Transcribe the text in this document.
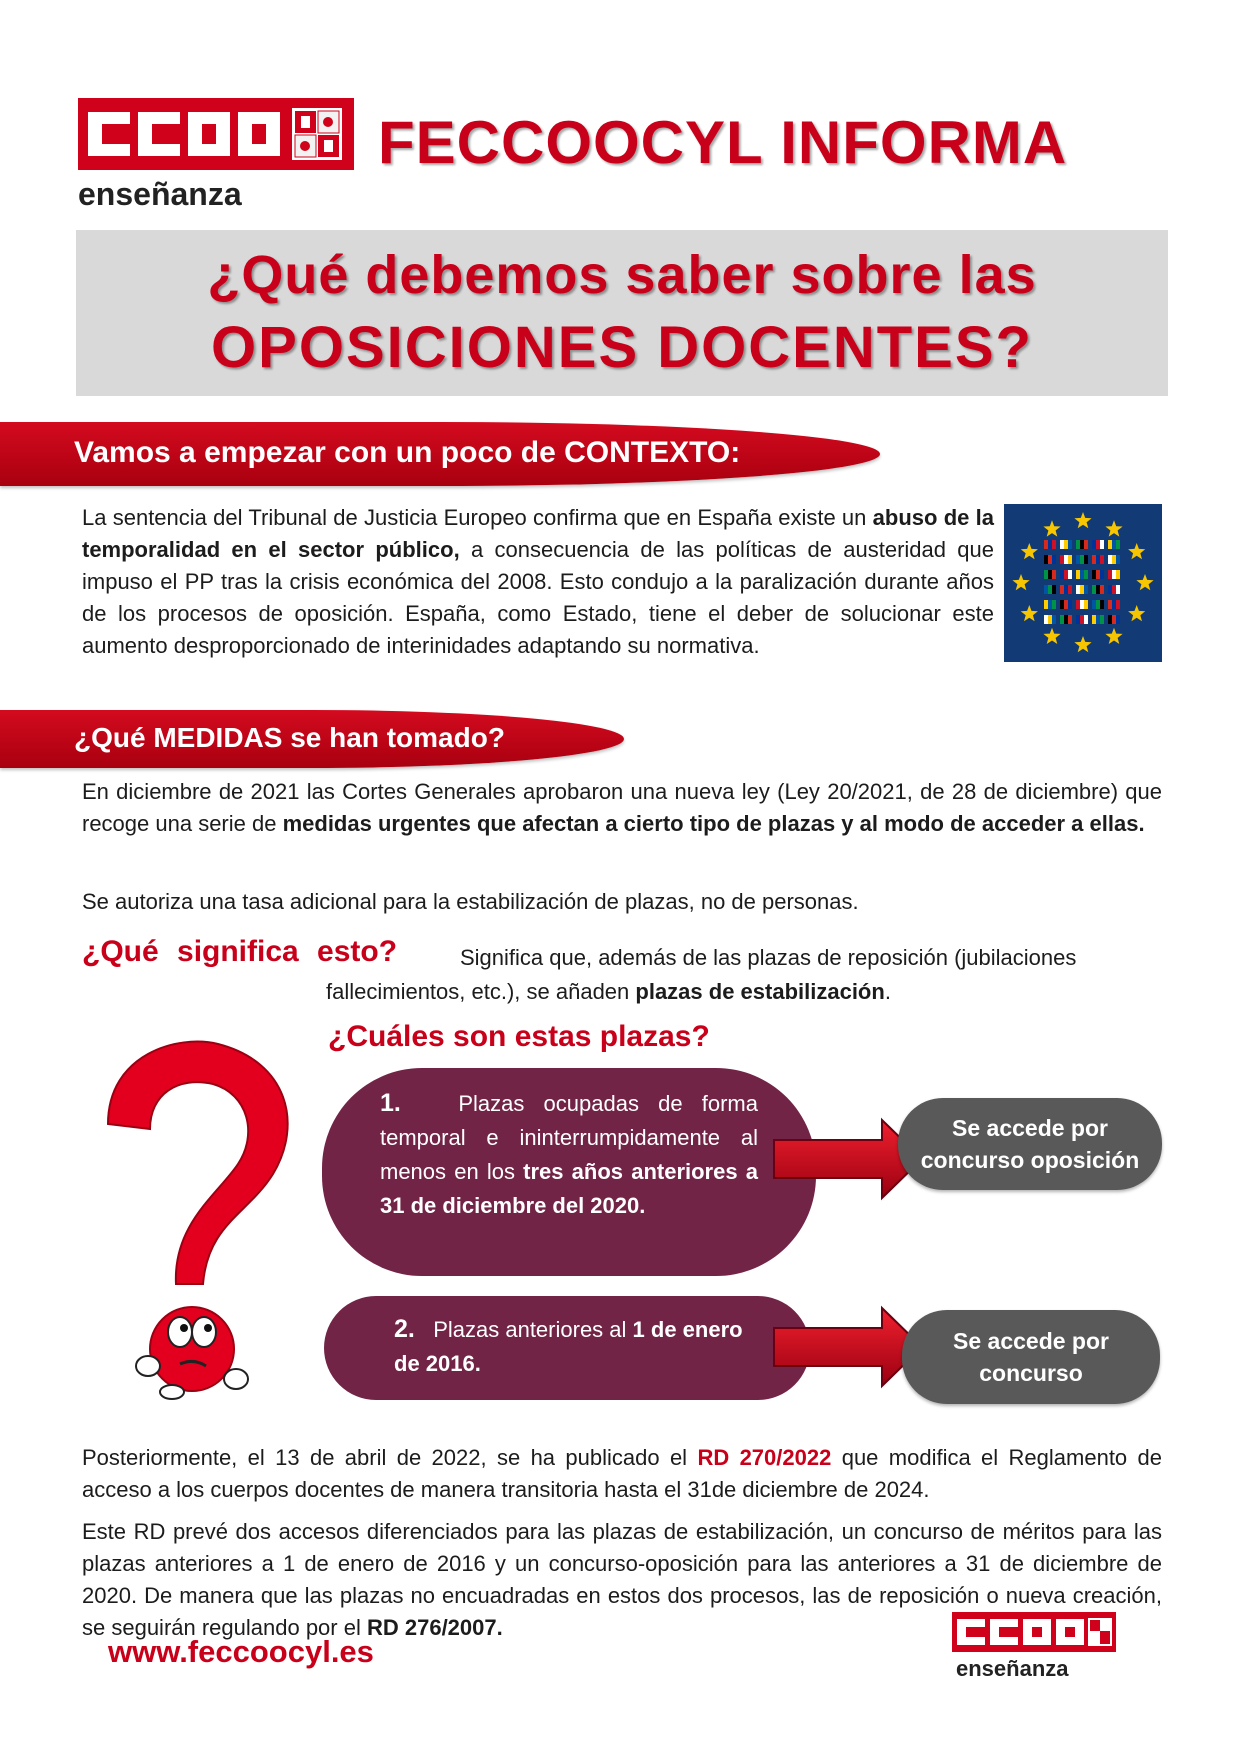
enseñanza
FECCOOCYL INFORMA
¿Qué debemos saber sobre las
OPOSICIONES DOCENTES?
Vamos a empezar con un poco de CONTEXTO:
La sentencia del Tribunal de Justicia Europeo confirma que en España existe un abuso de la temporalidad en el sector público, a consecuencia de las políticas de austeridad que impuso el PP tras la crisis económica del 2008. Esto condujo a la paralización durante años de los procesos de oposición. España, como Estado, tiene el deber de solucionar este aumento desproporcionado de interinidades adaptando su normativa.
¿Qué MEDIDAS se han tomado?
En diciembre de 2021 las Cortes Generales aprobaron una nueva ley (Ley 20/2021, de 28 de diciembre) que recoge una serie de medidas urgentes que afectan a cierto tipo de plazas y al modo de acceder a ellas.
Se autoriza una tasa adicional para la estabilización de plazas, no de personas.
¿Qué significa esto?	Significa que, además de las plazas de reposición (jubilaciones
fallecimientos, etc.), se añaden plazas de estabilización.
¿Cuáles son estas plazas?
1.	Plazas ocupadas de forma temporal e ininterrumpidamente al menos en los tres años anteriores a 31 de diciembre del 2020.
Se accede por concurso oposición
2. Plazas anteriores al 1 de enero de 2016.
Se accede por concurso
Posteriormente, el 13 de abril de 2022, se ha publicado el RD 270/2022 que modifica el Reglamento de acceso a los cuerpos docentes de manera transitoria hasta el 31de diciembre de 2024.
Este RD prevé dos accesos diferenciados para las plazas de estabilización, un concurso de méritos para las plazas anteriores a 1 de enero de 2016 y un concurso-oposición para las anteriores a 31 de diciembre de 2020. De manera que las plazas no encuadradas en estos dos procesos, las de reposición o nueva creación, se seguirán regulando por el RD 276/2007.
www.feccoocyl.es	enseñanza
